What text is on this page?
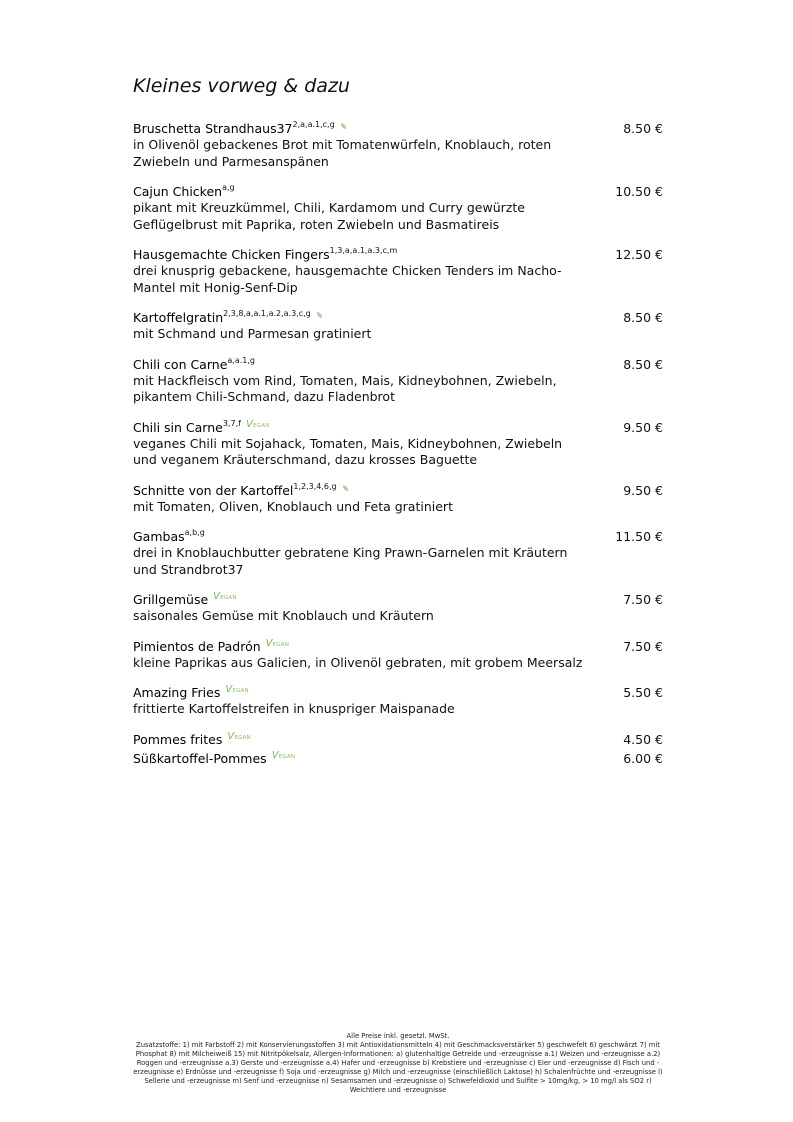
Kleines vorweg & dazu
Bruschetta $Strandhaus37^{2,a,a.1,c,g}$
in Olivenöl gebackenes Brot mit Tomatenwürfeln, Knoblauch, roten Zwiebeln und Parmesanspänen
8.50 €
Cajun Chicken$^{a,g}$
pikant mit Kreuzkümmel, Chili, Kardamom und Curry gewürzte Geflügelbrust mit Paprika, roten Zwiebeln und Basmatireis
10.50 €
Hausgemachte Chicken Fingers$^{1,3,a,a.1,a.3,c,m}$
drei knusprig gebackene, hausgemachte Chicken Tenders im Nacho-Mantel mit Honig-Senf-Dip
12.50 €
Kartoffelgratin$^{2,3,8,a,a.1,a.2,a.3,c,g}$
mit Schmand und Parmesan gratiniert
8.50 €
Chili con Carne$^{a,a.1,g}$
mit Hackfleisch vom Rind, Tomaten, Mais, Kidneybohnen, Zwiebeln, pikantem Chili-Schmand, dazu Fladenbrot
8.50 €
Chili sin Carne$^{3,7,f}$ VEGAN
veganes Chili mit Sojahack, Tomaten, Mais, Kidneybohnen, Zwiebeln und veganem Kräuterschmand, dazu krosses Baguette
9.50 €
Schnitte von der Kartoffel$^{1,2,3,4,6,g}$
mit Tomaten, Oliven, Knoblauch und Feta gratiniert
9.50 €
Gambas$^{a,b,g}$
drei in Knoblauchbutter gebratene King Prawn-Garnelen mit Kräutern und Strandbrot37
11.50 €
Grillgemüse VEGAN
saisonales Gemüse mit Knoblauch und Kräutern
7.50 €
Pimientos de Padrón VEGAN
kleine Paprikas aus Galicien, in Olivenöl gebraten, mit grobem Meersalz
7.50 €
Amazing Fries VEGAN
frittierte Kartoffelstreifen in knuspriger Maispanade
5.50 €
Pommes frites VEGAN	4.50 €
Süßkartoffel-Pommes VEGAN	6.00 €
Alle Preise inkl. gesetzl. MwSt.
Zusatzstoffe: 1) mit Farbstoff 2) mit Konservierungsstoffen 3) mit Antioxidationsmitteln 4) mit Geschmacksverstärker 5) geschwefelt 6) geschwärzt 7) mit Phosphat 8) mit Milcheiweiß 15) mit Nitritpökelsalz, Allergen-Informationen: a) glutenhaltige Getreide und -erzeugnisse a.1) Weizen und -erzeugnisse a.2) Roggen und -erzeugnisse a.3) Gerste und -erzeugnisse a.4) Hafer und -erzeugnisse b) Krebstiere und -erzeugnisse c) Eier und -erzeugnisse d) Fisch und -erzeugnisse e) Erdnüsse und -erzeugnisse f) Soja und -erzeugnisse g) Milch und -erzeugnisse (einschließlich Laktose) h) Schalenfrüchte und -erzeugnisse l) Sellerie und -erzeugnisse m) Senf und -erzeugnisse n) Sesamsamen und -erzeugnisse o) Schwefeldioxid und Sulfite > 10mg/kg, > 10 mg/l als SO2 r) Weichtiere und -erzeugnisse
